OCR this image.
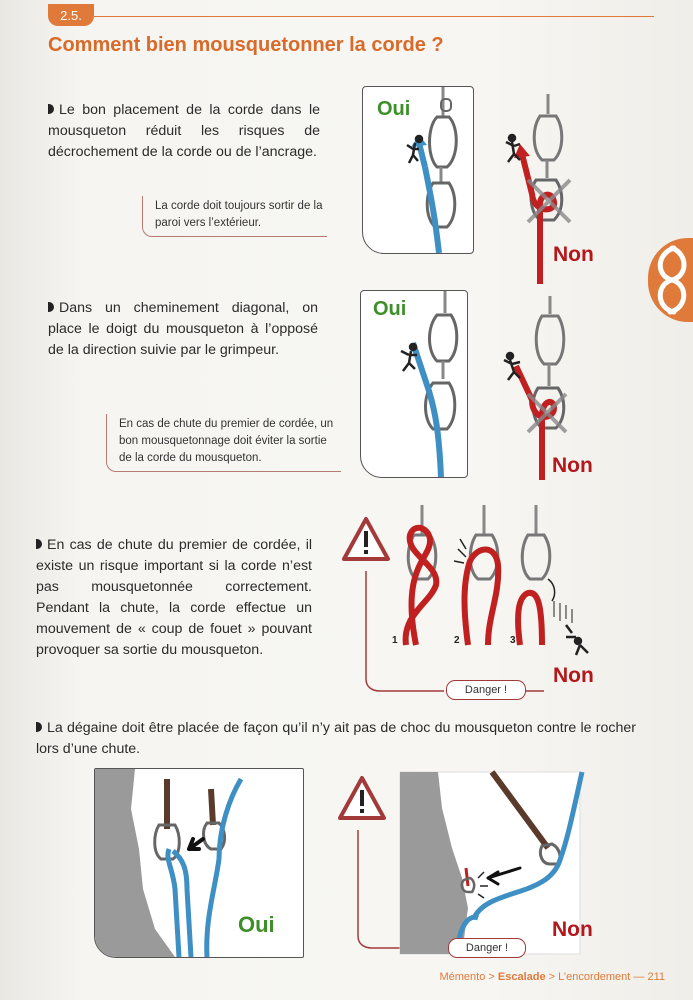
2.5.
Comment bien mousquetonner la corde ?
Le bon placement de la corde dans le mousqueton réduit les risques de décrochement de la corde ou de l’ancrage.
La corde doit toujours sortir de la paroi vers l’extérieur.
Oui
Non
Dans un cheminement diagonal, on place le doigt du mousqueton à l’opposé de la direction suivie par le grimpeur.
En cas de chute du premier de cordée, un bon mousquetonnage doit éviter la sortie de la corde du mousqueton.
Oui
Non
En cas de chute du premier de cordée, il existe un risque important si la corde n’est pas mousquetonnée correctement. Pendant la chute, la corde effectue un mouvement de « coup de fouet » pouvant provoquer sa sortie du mousqueton.
1	2	3
Danger !
Non
La dégaine doit être placée de façon qu’il n’y ait pas de choc du mousqueton contre le rocher lors d’une chute.
Oui
Danger !
Non
Mémento > Escalade > L’encordement — 211
